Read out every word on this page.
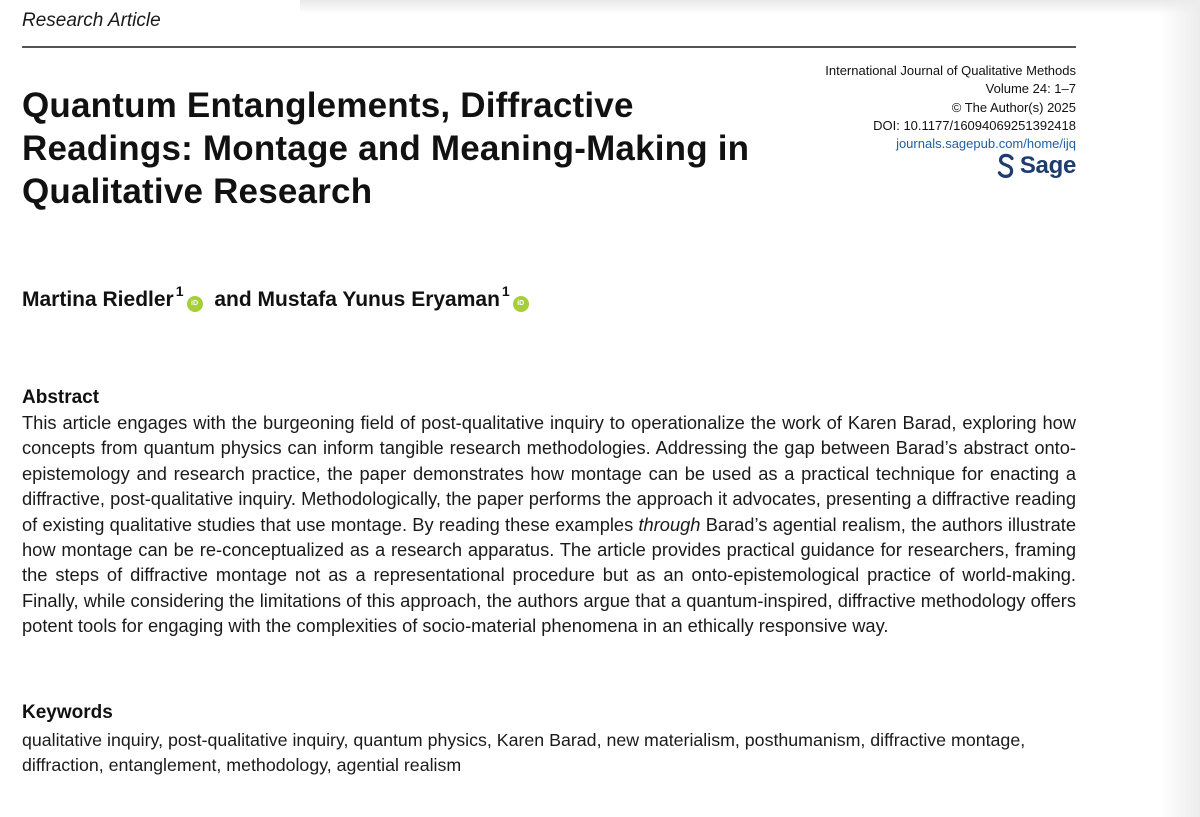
Research Article
Quantum Entanglements, Diffractive Readings: Montage and Meaning-Making in Qualitative Research
International Journal of Qualitative Methods
Volume 24: 1–7
© The Author(s) 2025
DOI: 10.1177/16094069251392418
journals.sagepub.com/home/ijq
Sage
Martina Riedler $^1$iD and Mustafa Yunus Eryaman $^1$iD
Abstract

This article engages with the burgeoning field of post-qualitative inquiry to operationalize the work of Karen Barad, exploring how concepts from quantum physics can inform tangible research methodologies. Addressing the gap between Barad’s abstract onto-epistemology and research practice, the paper demonstrates how montage can be used as a practical technique for enacting a diffractive, post-qualitative inquiry. Methodologically, the paper performs the approach it advocates, presenting a diffractive reading of existing qualitative studies that use montage. By reading these examples through Barad’s agential realism, the authors illustrate how montage can be re-conceptualized as a research apparatus. The article provides practical guidance for researchers, framing the steps of diffractive montage not as a representational procedure but as an onto-epistemological practice of world-making. Finally, while considering the limitations of this approach, the authors argue that a quantum-inspired, diffractive methodology offers potent tools for engaging with the complexities of socio-material phenomena in an ethically responsive way.

Keywords

qualitative inquiry, post-qualitative inquiry, quantum physics, Karen Barad, new materialism, posthumanism, diffractive montage, diffraction, entanglement, methodology, agential realism
